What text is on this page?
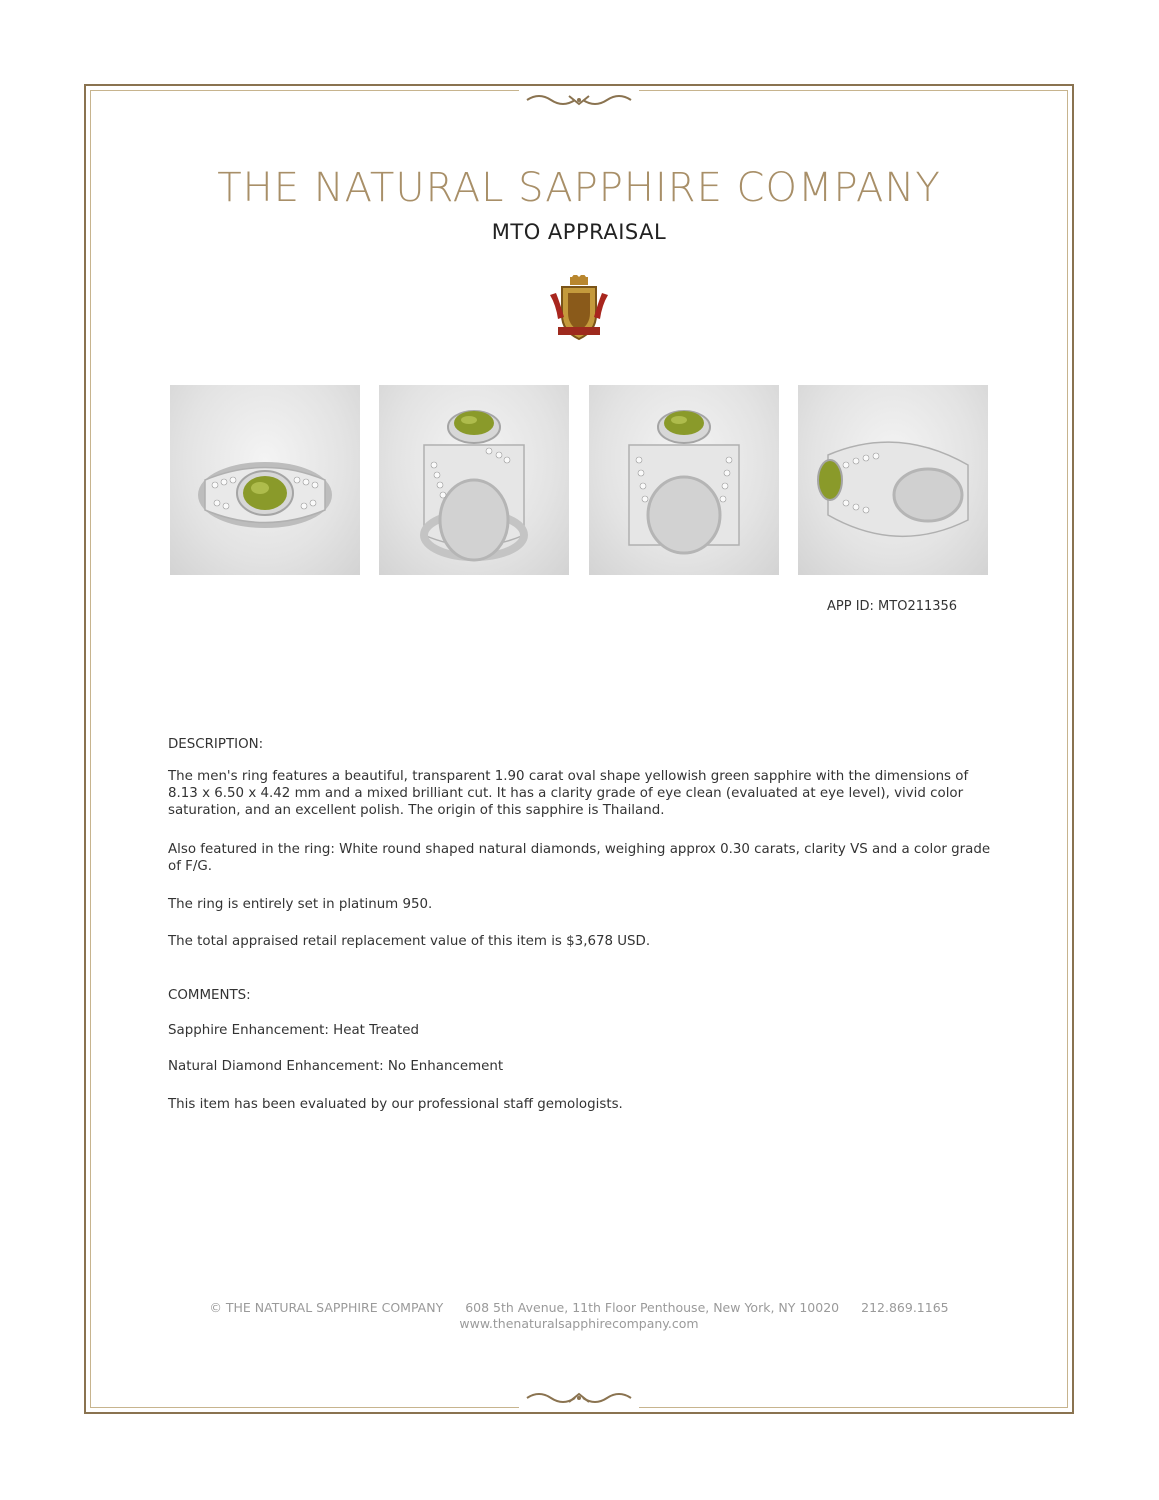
THE NATURAL SAPPHIRE COMPANY
MTO APPRAISAL
APP ID: MTO211356
DESCRIPTION:

The men's ring features a beautiful, transparent 1.90 carat oval shape yellowish green sapphire with the dimensions of 8.13 x 6.50 x 4.42 mm and a mixed brilliant cut. It has a clarity grade of eye clean (evaluated at eye level), vivid color saturation, and an excellent polish. The origin of this sapphire is Thailand.

Also featured in the ring: White round shaped natural diamonds, weighing approx 0.30 carats, clarity VS and a color grade of F/G.

The ring is entirely set in platinum 950.
The total appraised retail replacement value of this item is $3,678 USD.
COMMENTS:
Sapphire Enhancement: Heat Treated
Natural Diamond Enhancement: No Enhancement
This item has been evaluated by our professional staff gemologists.
© THE NATURAL SAPPHIRE COMPANY 608 5th Avenue, 11th Floor Penthouse, New York, NY 10020 212.869.1165
www.thenaturalsapphirecompany.com
